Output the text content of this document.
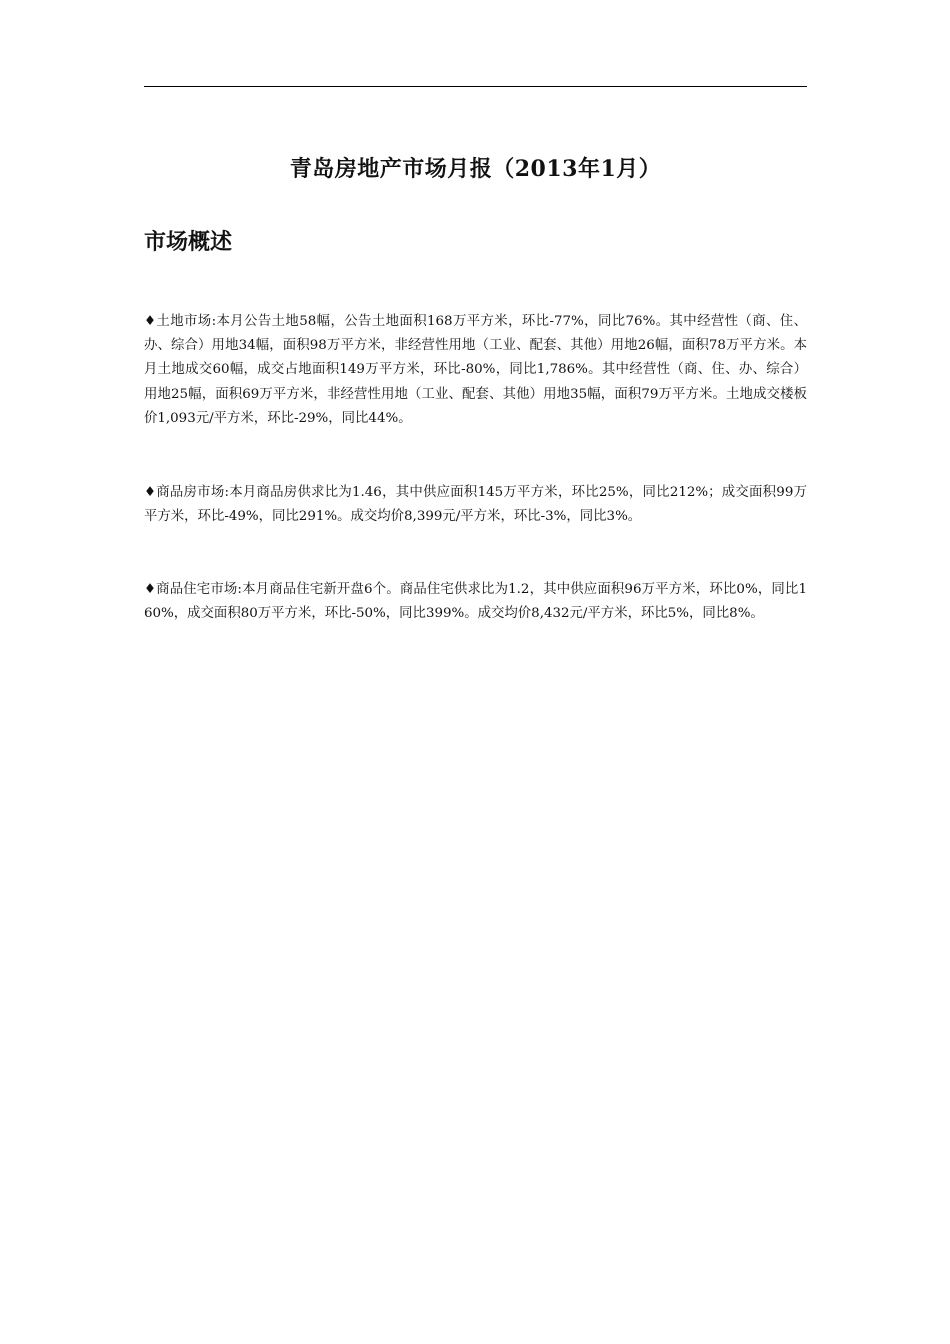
青岛房地产市场月报（2013年1月）
市场概述

♦土地市场:本月公告土地58幅，公告土地面积168万平方米，环比-77%，同比76%。其中经营性（商、住、办、综合）用地34幅，面积98万平方米，非经营性用地（工业、配套、其他）用地26幅，面积78万平方米。本月土地成交60幅，成交占地面积149万平方米，环比-80%，同比1,786%。其中经营性（商、住、办、综合）用地25幅，面积69万平方米，非经营性用地（工业、配套、其他）用地35幅，面积79万平方米。土地成交楼板价1,093元/平方米，环比-29%，同比44%。

♦商品房市场:本月商品房供求比为1.46，其中供应面积145万平方米，环比25%，同比212%；成交面积99万平方米，环比-49%，同比291%。成交均价8,399元/平方米，环比-3%，同比3%。

♦商品住宅市场:本月商品住宅新开盘6个。商品住宅供求比为1.2，其中供应面积96万平方米，环比0%，同比160%，成交面积80万平方米，环比-50%，同比399%。成交均价8,432元/平方米，环比5%，同比8%。
